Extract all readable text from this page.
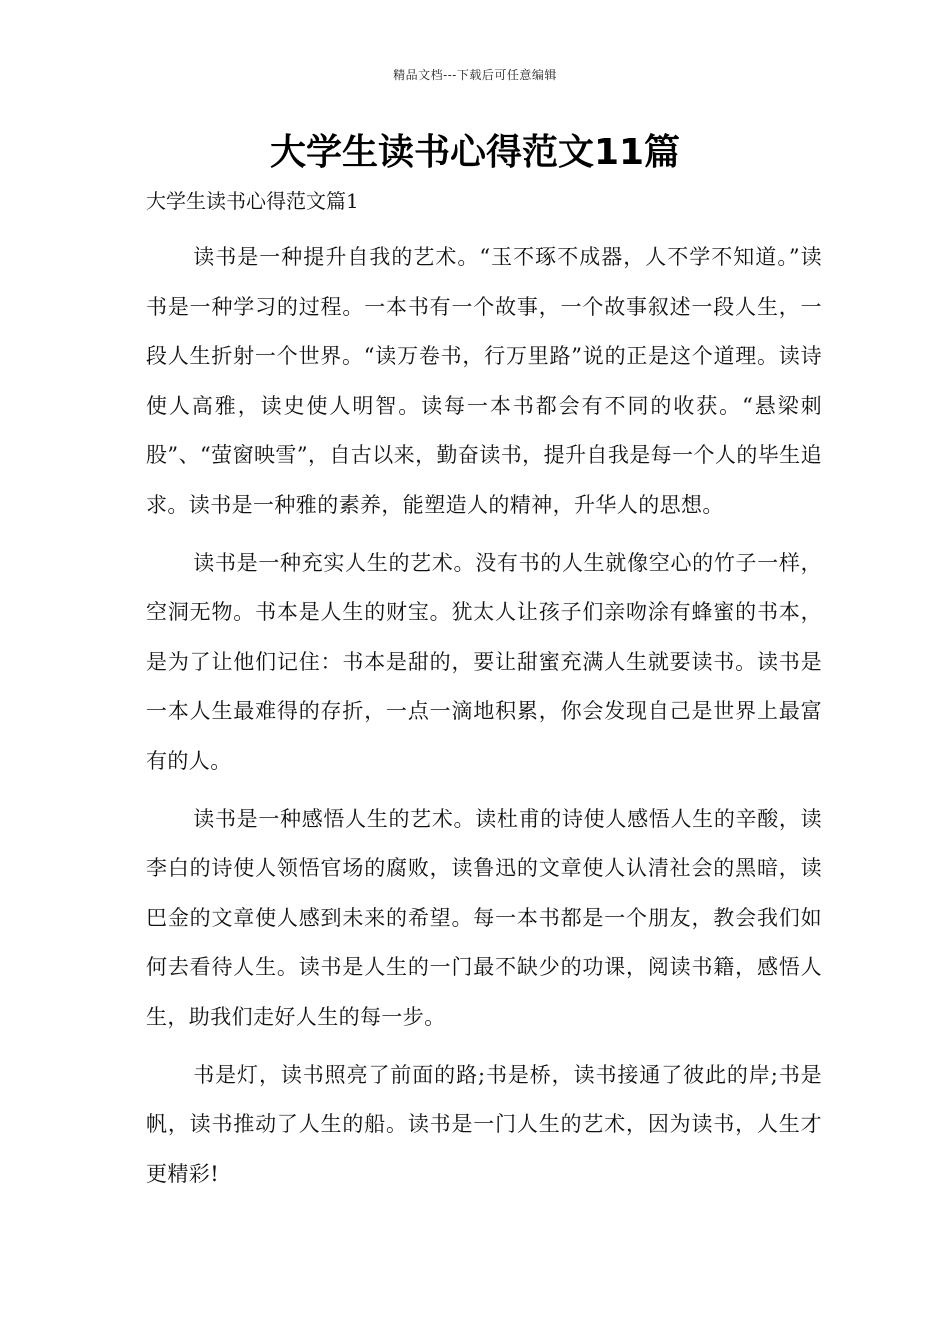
精品文档---下载后可任意编辑
大学生读书心得范文11篇
大学生读书心得范文篇1

读书是一种提升自我的艺术。“玉不琢不成器，人不学不知道。”读书是一种学习的过程。一本书有一个故事，一个故事叙述一段人生，一段人生折射一个世界。“读万卷书，行万里路”说的正是这个道理。读诗使人高雅，读史使人明智。读每一本书都会有不同的收获。“悬梁刺股”、“萤窗映雪”，自古以来，勤奋读书，提升自我是每一个人的毕生追求。读书是一种雅的素养，能塑造人的精神，升华人的思想。

读书是一种充实人生的艺术。没有书的人生就像空心的竹子一样，空洞无物。书本是人生的财宝。犹太人让孩子们亲吻涂有蜂蜜的书本，是为了让他们记住：书本是甜的，要让甜蜜充满人生就要读书。读书是一本人生最难得的存折，一点一滴地积累，你会发现自己是世界上最富有的人。

读书是一种感悟人生的艺术。读杜甫的诗使人感悟人生的辛酸，读李白的诗使人领悟官场的腐败，读鲁迅的文章使人认清社会的黑暗，读巴金的文章使人感到未来的希望。每一本书都是一个朋友，教会我们如何去看待人生。读书是人生的一门最不缺少的功课，阅读书籍，感悟人生，助我们走好人生的每一步。

书是灯，读书照亮了前面的路;书是桥，读书接通了彼此的岸;书是帆，读书推动了人生的船。读书是一门人生的艺术，因为读书，人生才更精彩!
